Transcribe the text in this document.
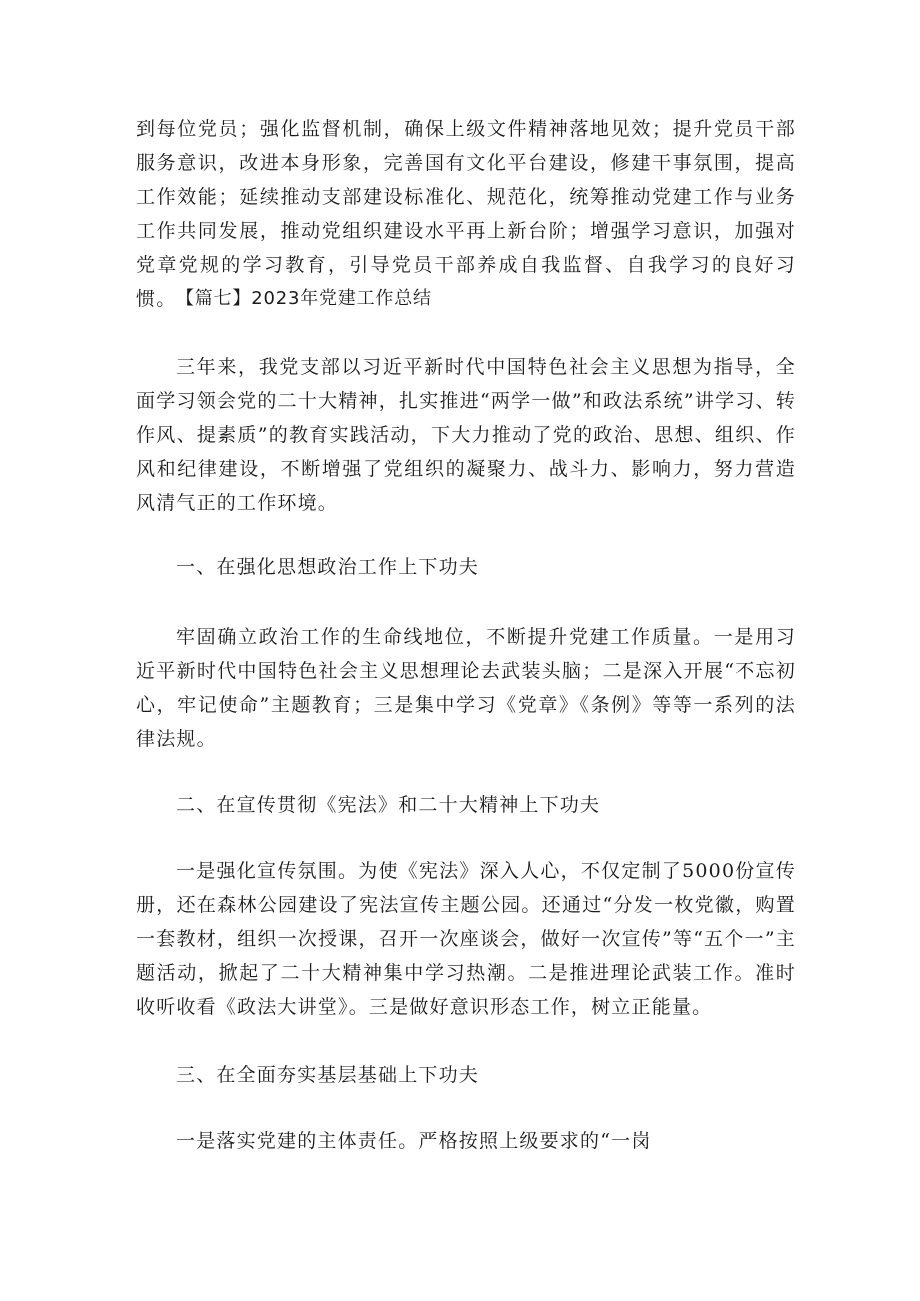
到每位党员；强化监督机制，确保上级文件精神落地见效；提升党员干部服务意识，改进本身形象，完善国有文化平台建设，修建干事氛围，提高工作效能；延续推动支部建设标准化、规范化，统筹推动党建工作与业务工作共同发展，推动党组织建设水平再上新台阶；增强学习意识，加强对党章党规的学习教育，引导党员干部养成自我监督、自我学习的良好习惯。 【篇七】2023年党建工作总结

三年来，我党支部以习近平新时代中国特色社会主义思想为指导，全面学习领会党的二十大精神，扎实推进“两学一做”和政法系统”讲学习、转作风、提素质”的教育实践活动，下大力推动了党的政治、思想、组织、作风和纪律建设，不断增强了党组织的凝聚力、战斗力、影响力，努力营造风清气正的工作环境。

一、在强化思想政治工作上下功夫

牢固确立政治工作的生命线地位，不断提升党建工作质量。一是用习近平新时代中国特色社会主义思想理论去武装头脑；二是深入开展“不忘初心，牢记使命”主题教育；三是集中学习《党章》《条例》等等一系列的法律法规。

二、在宣传贯彻《宪法》和二十大精神上下功夫

一是强化宣传氛围。为使《宪法》深入人心，不仅定制了5000份宣传册，还在森林公园建设了宪法宣传主题公园。还通过“分发一枚党徽，购置一套教材，组织一次授课，召开一次座谈会，做好一次宣传”等“五个一”主题活动，掀起了二十大精神集中学习热潮。二是推进理论武装工作。准时收听收看《政法大讲堂》。三是做好意识形态工作，树立正能量。

三、在全面夯实基层基础上下功夫

一是落实党建的主体责任。严格按照上级要求的“一岗
